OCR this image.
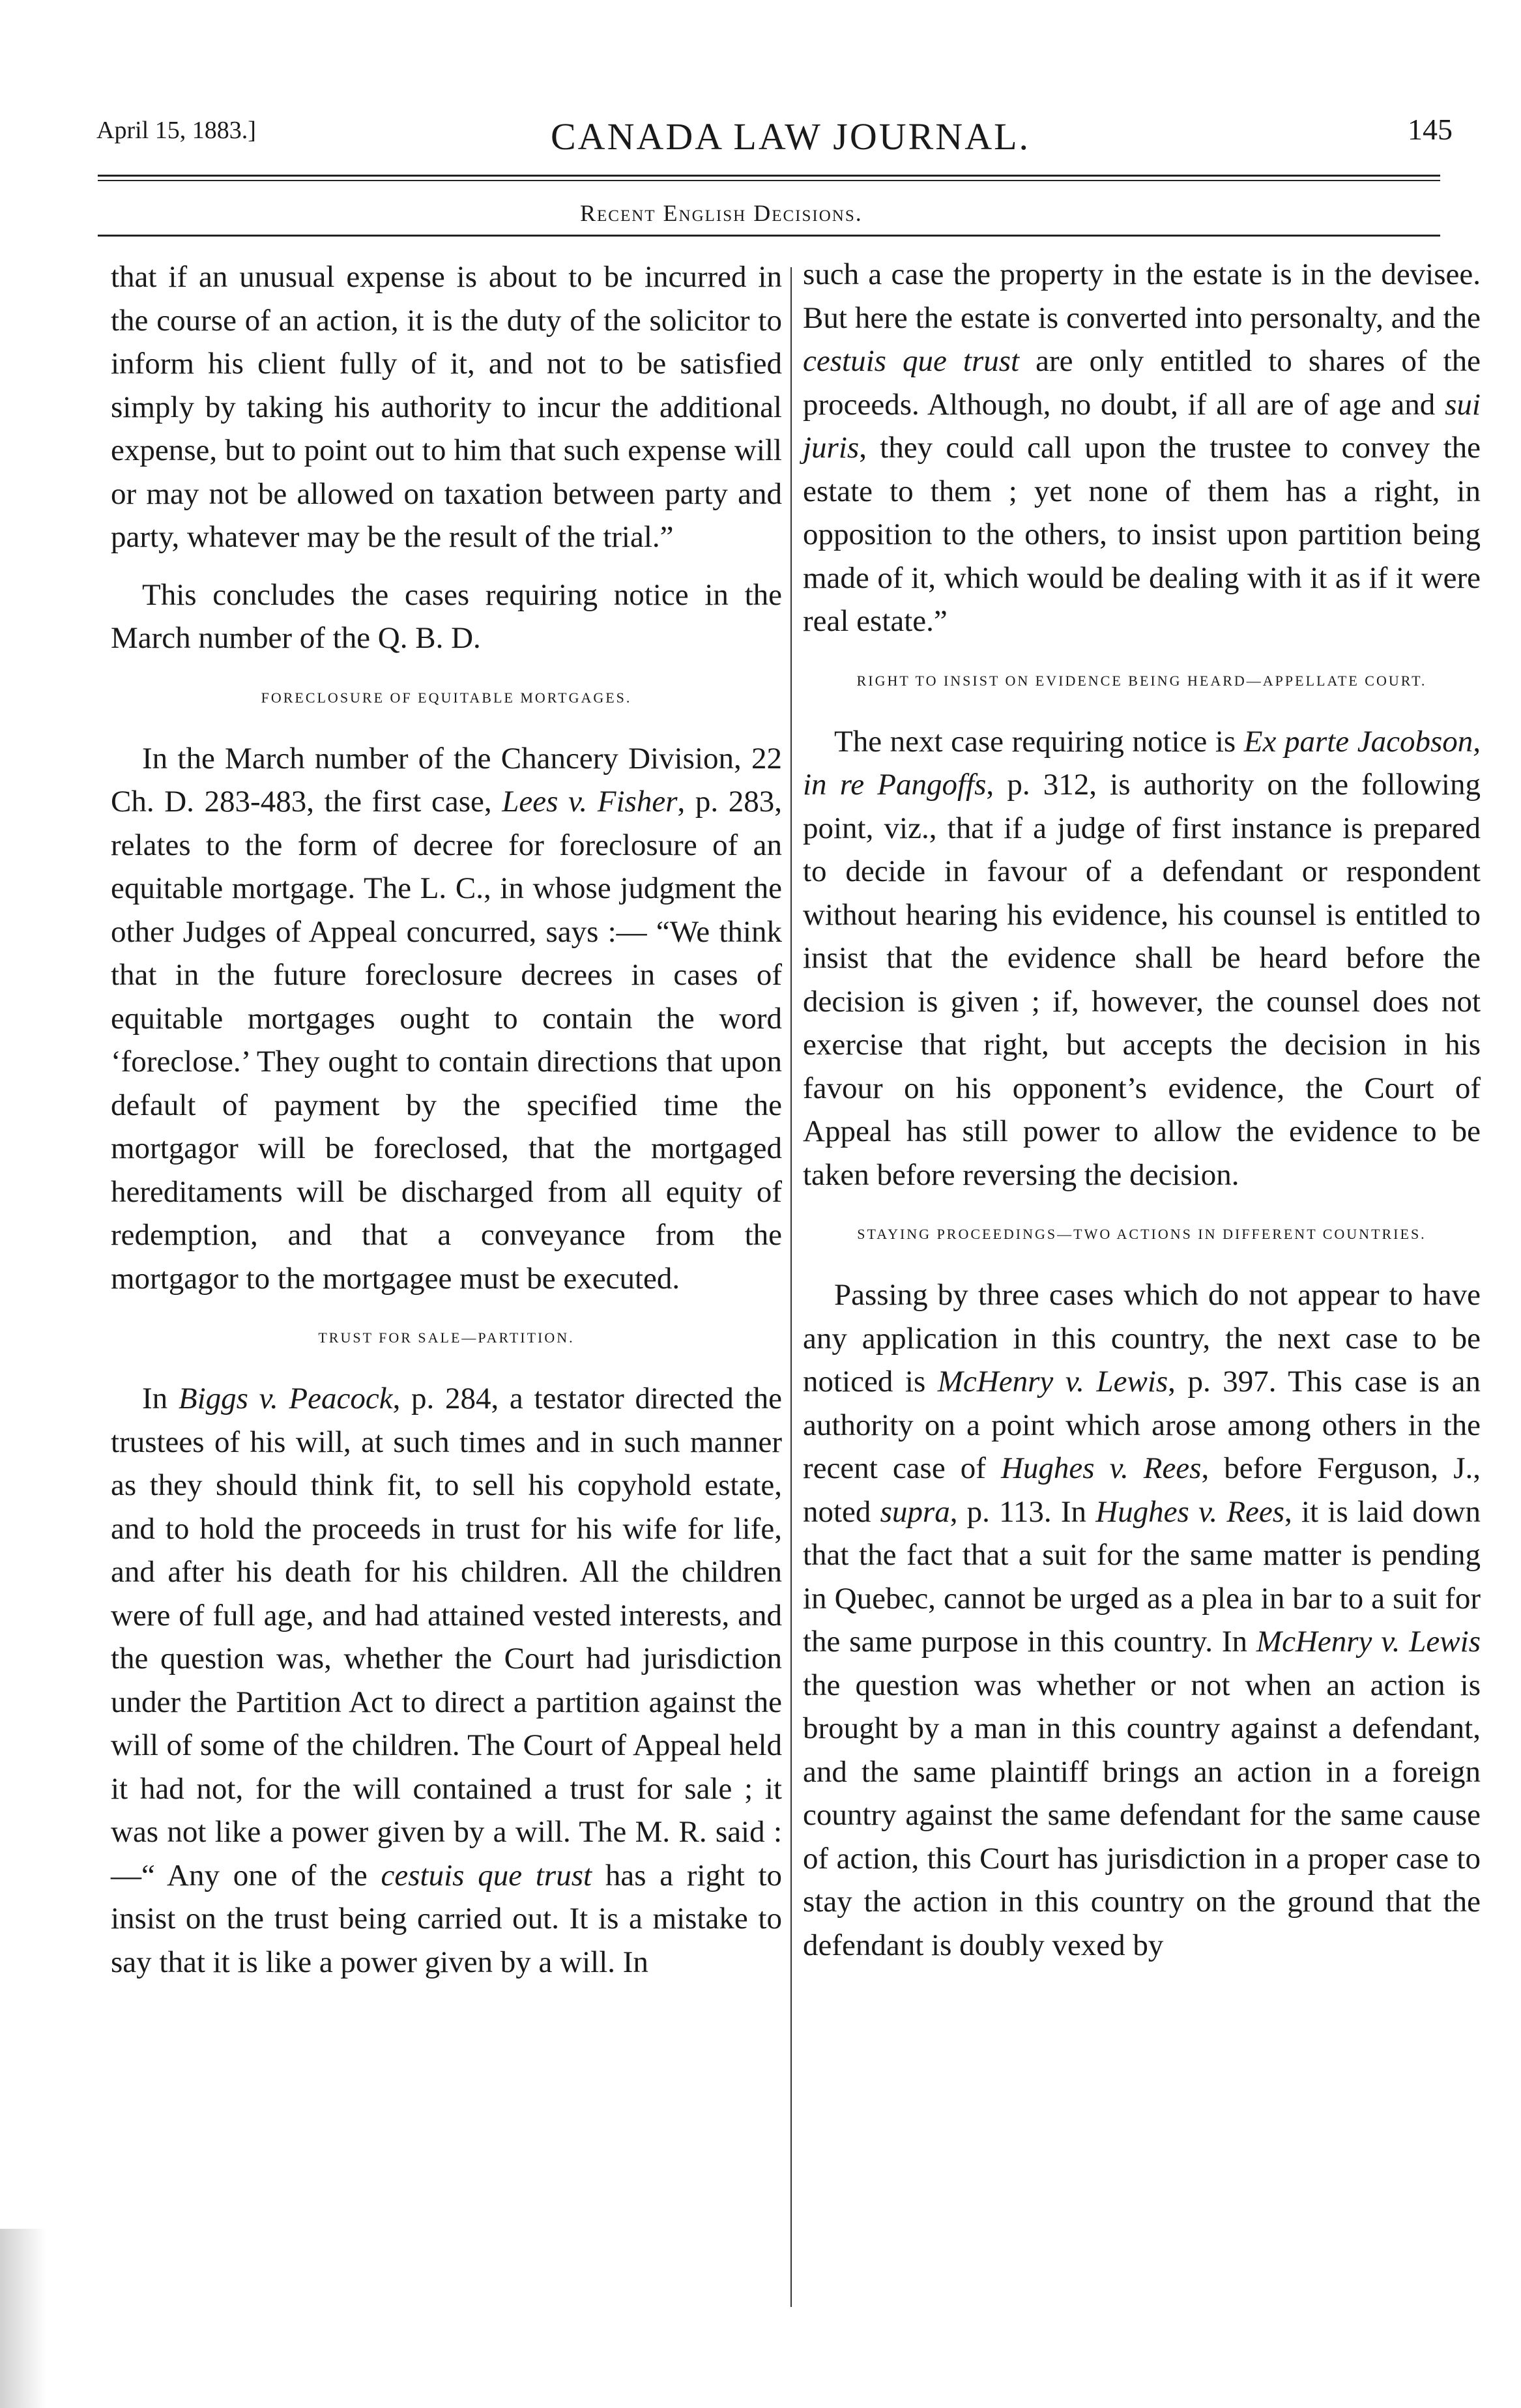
April 15, 1883.]	CANADA LAW JOURNAL.	145
Recent English Decisions.

that if an unusual expense is about to be incurred in the course of an action, it is the duty of the solicitor to inform his client fully of it, and not to be satisfied simply by taking his authority to incur the additional expense, but to point out to him that such expense will or may not be allowed on taxation between party and party, whatever may be the result of the trial.”

This concludes the cases requiring notice in the March number of the Q. B. D.

FORECLOSURE OF EQUITABLE MORTGAGES.

In the March number of the Chancery Division, 22 Ch. D. 283-483, the first case, Lees v. Fisher, p. 283, relates to the form of decree for foreclosure of an equitable mortgage. The L. C., in whose judgment the other Judges of Appeal concurred, says :— “We think that in the future foreclosure decrees in cases of equitable mortgages ought to contain the word ‘foreclose.’ They ought to contain directions that upon default of payment by the specified time the mortgagor will be foreclosed, that the mortgaged hereditaments will be discharged from all equity of redemption, and that a conveyance from the mortgagor to the mortgagee must be executed.

TRUST FOR SALE—PARTITION.

In Biggs v. Peacock, p. 284, a testator directed the trustees of his will, at such times and in such manner as they should think fit, to sell his copyhold estate, and to hold the proceeds in trust for his wife for life, and after his death for his children. All the children were of full age, and had attained vested interests, and the question was, whether the Court had jurisdiction under the Partition Act to direct a partition against the will of some of the children. The Court of Appeal held it had not, for the will contained a trust for sale ; it was not like a power given by a will. The M. R. said :—“ Any one of the cestuis que trust has a right to insist on the trust being carried out. It is a mistake to say that it is like a power given by a will. In

such a case the property in the estate is in the devisee. But here the estate is converted into personalty, and the cestuis que trust are only entitled to shares of the proceeds. Although, no doubt, if all are of age and sui juris, they could call upon the trustee to convey the estate to them ; yet none of them has a right, in opposition to the others, to insist upon partition being made of it, which would be dealing with it as if it were real estate.”

RIGHT TO INSIST ON EVIDENCE BEING HEARD—APPELLATE COURT.

The next case requiring notice is Ex parte Jacobson, in re Pangoffs, p. 312, is authority on the following point, viz., that if a judge of first instance is prepared to decide in favour of a defendant or respondent without hearing his evidence, his counsel is entitled to insist that the evidence shall be heard before the decision is given ; if, however, the counsel does not exercise that right, but accepts the decision in his favour on his opponent’s evidence, the Court of Appeal has still power to allow the evidence to be taken before reversing the decision.

STAYING PROCEEDINGS—TWO ACTIONS IN DIFFERENT COUNTRIES.

Passing by three cases which do not appear to have any application in this country, the next case to be noticed is McHenry v. Lewis, p. 397. This case is an authority on a point which arose among others in the recent case of Hughes v. Rees, before Ferguson, J., noted supra, p. 113. In Hughes v. Rees, it is laid down that the fact that a suit for the same matter is pending in Quebec, cannot be urged as a plea in bar to a suit for the same purpose in this country. In McHenry v. Lewis the question was whether or not when an action is brought by a man in this country against a defendant, and the same plaintiff brings an action in a foreign country against the same defendant for the same cause of action, this Court has jurisdiction in a proper case to stay the action in this country on the ground that the defendant is doubly vexed by
